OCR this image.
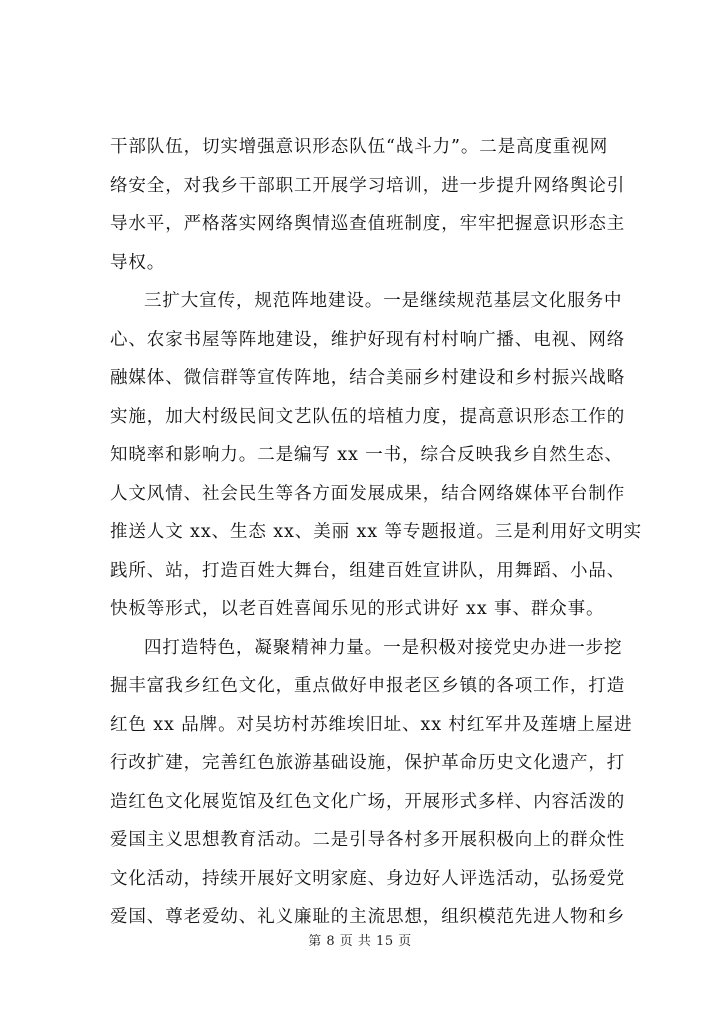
干部队伍，切实增强意识形态队伍“战斗力”。二是高度重视网
络安全，对我乡干部职工开展学习培训，进一步提升网络舆论引
导水平，严格落实网络舆情巡查值班制度，牢牢把握意识形态主
导权。
三扩大宣传，规范阵地建设。一是继续规范基层文化服务中
心、农家书屋等阵地建设，维护好现有村村响广播、电视、网络
融媒体、微信群等宣传阵地，结合美丽乡村建设和乡村振兴战略
实施，加大村级民间文艺队伍的培植力度，提高意识形态工作的
知晓率和影响力。二是编写 xx 一书，综合反映我乡自然生态、
人文风情、社会民生等各方面发展成果，结合网络媒体平台制作
推送人文 xx、生态 xx、美丽 xx 等专题报道。三是利用好文明实
践所、站，打造百姓大舞台，组建百姓宣讲队，用舞蹈、小品、
快板等形式，以老百姓喜闻乐见的形式讲好 xx 事、群众事。
四打造特色，凝聚精神力量。一是积极对接党史办进一步挖
掘丰富我乡红色文化，重点做好申报老区乡镇的各项工作，打造
红色 xx 品牌。对吴坊村苏维埃旧址、xx 村红军井及莲塘上屋进
行改扩建，完善红色旅游基础设施，保护革命历史文化遗产，打
造红色文化展览馆及红色文化广场，开展形式多样、内容活泼的
爱国主义思想教育活动。二是引导各村多开展积极向上的群众性
文化活动，持续开展好文明家庭、身边好人评选活动，弘扬爱党
爱国、尊老爱幼、礼义廉耻的主流思想，组织模范先进人物和乡
第 8 页 共 15 页
